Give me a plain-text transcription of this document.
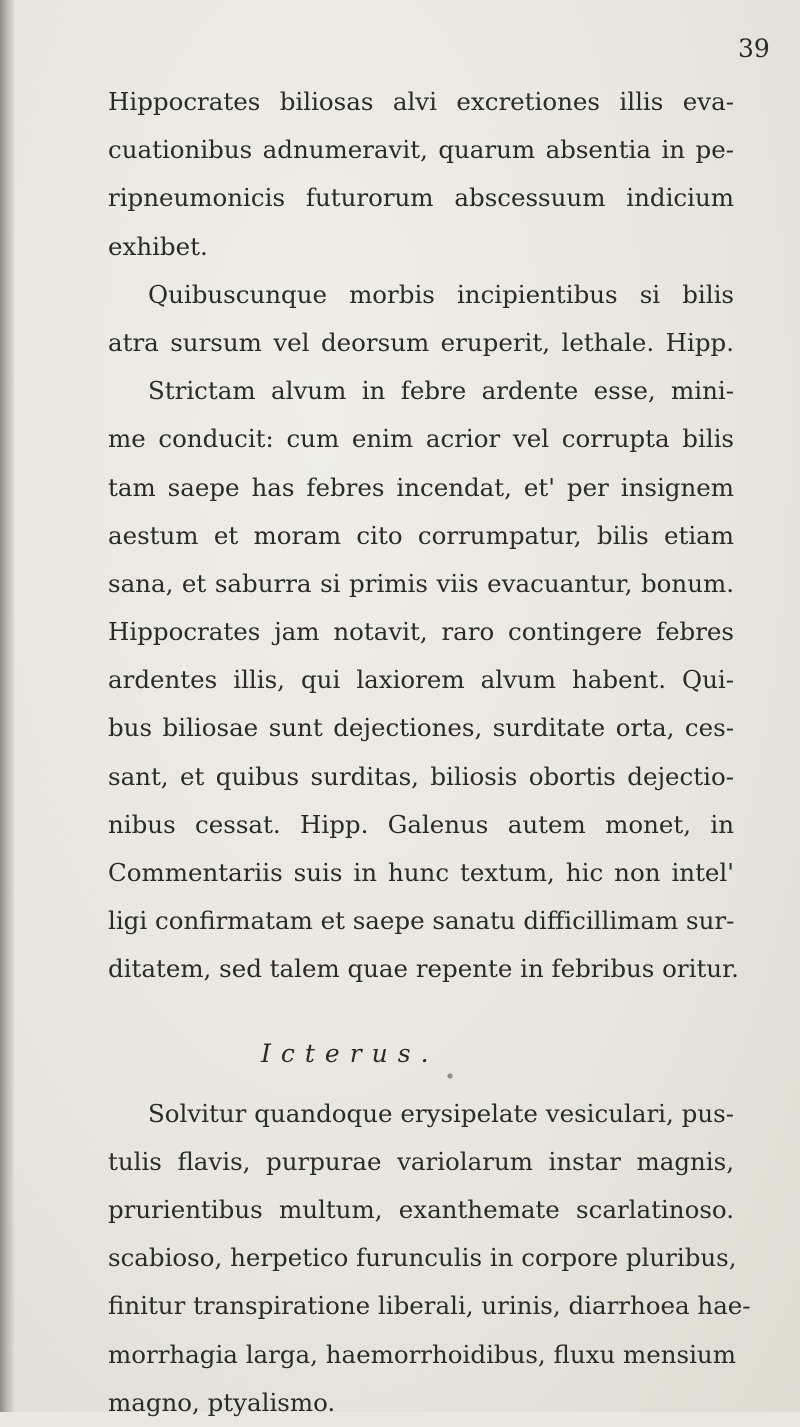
39
Hippocrates biliosas alvi excretiones illis eva-
cuationibus adnumeravit, quarum absentia in pe-
ripneumonicis futurorum abscessuum indicium
exhibet.
Quibuscunque morbis incipientibus si bilis
atra sursum vel deorsum eruperit, lethale. Hipp.
Strictam alvum in febre ardente esse, mini-
me conducit: cum enim acrior vel corrupta bilis
tam saepe has febres incendat, et' per insignem
aestum et moram cito corrumpatur, bilis etiam
sana, et saburra si primis viis evacuantur, bonum.
Hippocrates jam notavit, raro contingere febres
ardentes illis, qui laxiorem alvum habent. Qui-
bus biliosae sunt dejectiones, surditate orta, ces-
sant, et quibus surditas, biliosis obortis dejectio-
nibus cessat. Hipp. Galenus autem monet, in
Commentariis suis in hunc textum, hic non intel'
ligi confirmatam et saepe sanatu difficillimam sur-
ditatem, sed talem quae repente in febribus oritur.
Icterus.
Solvitur quandoque erysipelate vesiculari, pus-
tulis flavis, purpurae variolarum instar magnis,
prurientibus multum, exanthemate scarlatinoso.
scabioso, herpetico furunculis in corpore pluribus,
finitur transpiratione liberali, urinis, diarrhoea hae-
morrhagia larga, haemorrhoidibus, fluxu mensium
magno, ptyalismo.
